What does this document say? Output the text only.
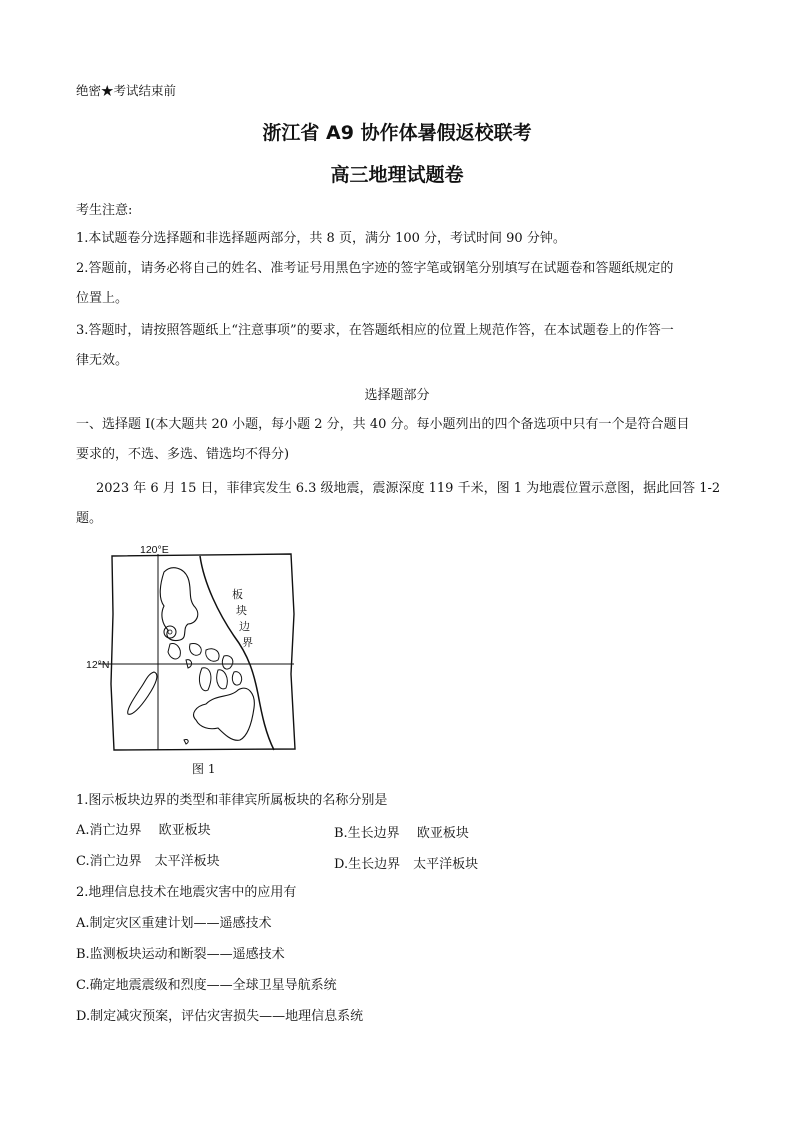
绝密★考试结束前
浙江省 A9 协作体暑假返校联考
高三地理试题卷
考生注意:
1.本试题卷分选择题和非选择题两部分，共 8 页，满分 100 分，考试时间 90 分钟。
2.答题前，请务必将自己的姓名、准考证号用黑色字迹的签字笔或钢笔分别填写在试题卷和答题纸规定的
位置上。
3.答题时，请按照答题纸上“注意事项”的要求，在答题纸相应的位置上规范作答，在本试题卷上的作答一
律无效。
选择题部分
一、选择题 I(本大题共 20 小题，每小题 2 分，共 40 分。每小题列出的四个备选项中只有一个是符合题目
要求的，不选、多选、错选均不得分)
2023 年 6 月 15 日，菲律宾发生 6.3 级地震，震源深度 119 千米，图 1 为地震位置示意图，据此回答 1-2
题。
120°E
12°N
板
块
边
界
图 1
1.图示板块边界的类型和菲律宾所属板块的名称分别是
A.消亡边界　 欧亚板块	B.生长边界　 欧亚板块
C.消亡边界　太平洋板块	D.生长边界　太平洋板块
2.地理信息技术在地震灾害中的应用有
A.制定灾区重建计划——遥感技术
B.监测板块运动和断裂——遥感技术
C.确定地震震级和烈度——全球卫星导航系统
D.制定减灾预案，评估灾害损失——地理信息系统
